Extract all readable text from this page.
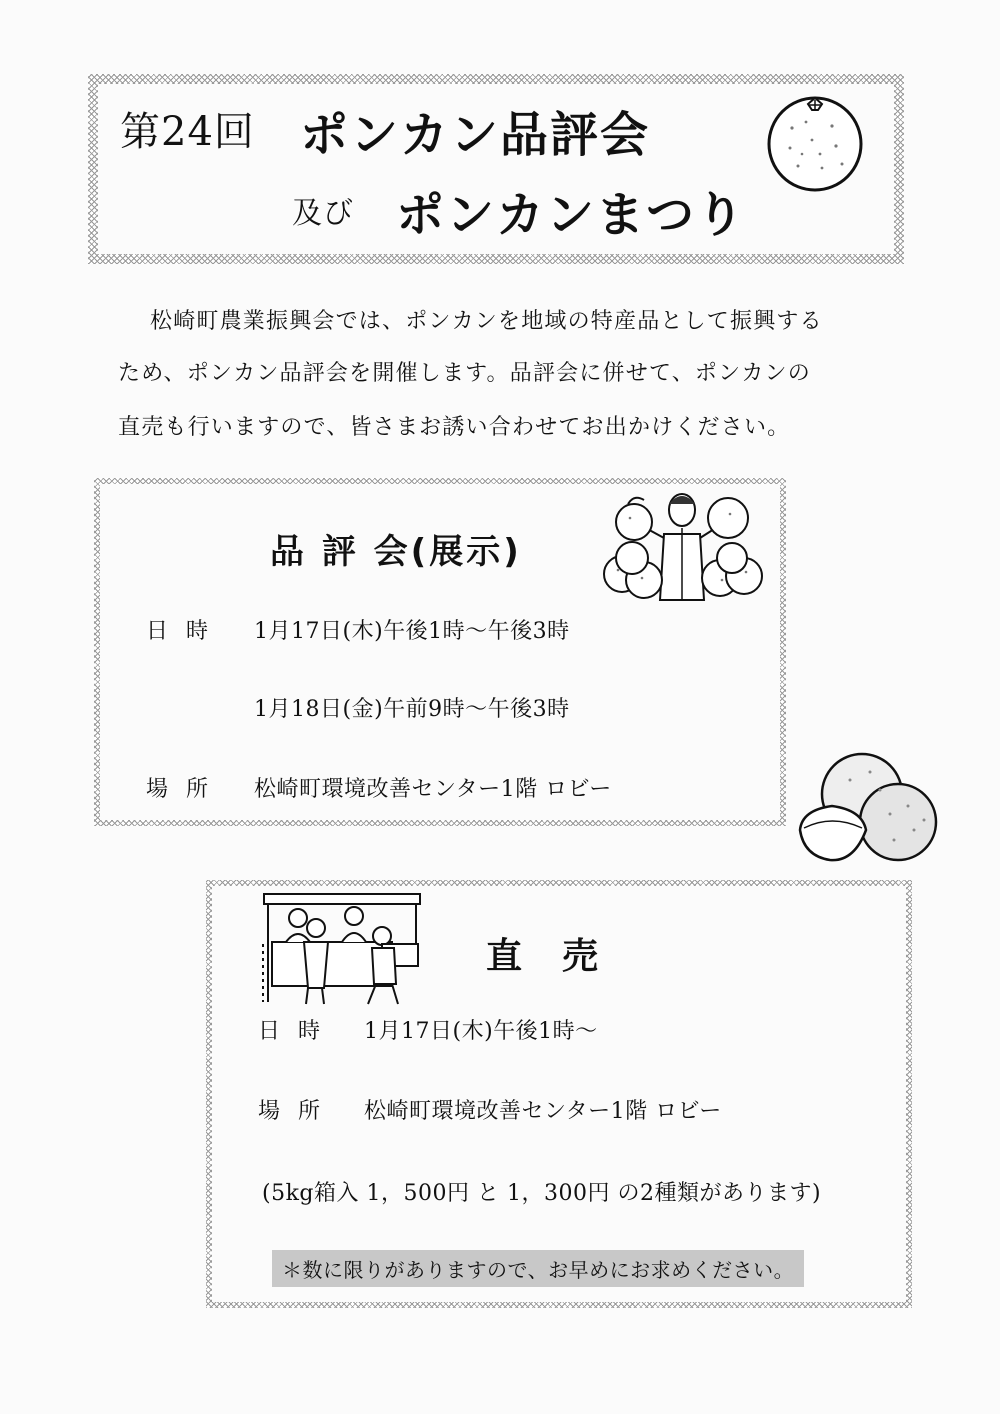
第24回 ポンカン品評会
及び ポンカンまつり
松崎町農業振興会では、ポンカンを地域の特産品として振興する
ため、ポンカン品評会を開催します。品評会に併せて、ポンカンの
直売も行いますので、皆さまお誘い合わせてお出かけください。
品 評 会(展示)
日時 1月17日(木)午後1時～午後3時
1月18日(金)午前9時～午後3時
場所 松崎町環境改善センター1階 ロビー
直売
日時 1月17日(木)午後1時～
場所 松崎町環境改善センター1階 ロビー
(5kg箱入 1，500円 と 1，300円 の2種類があります)
＊数に限りがありますので、お早めにお求めください。
